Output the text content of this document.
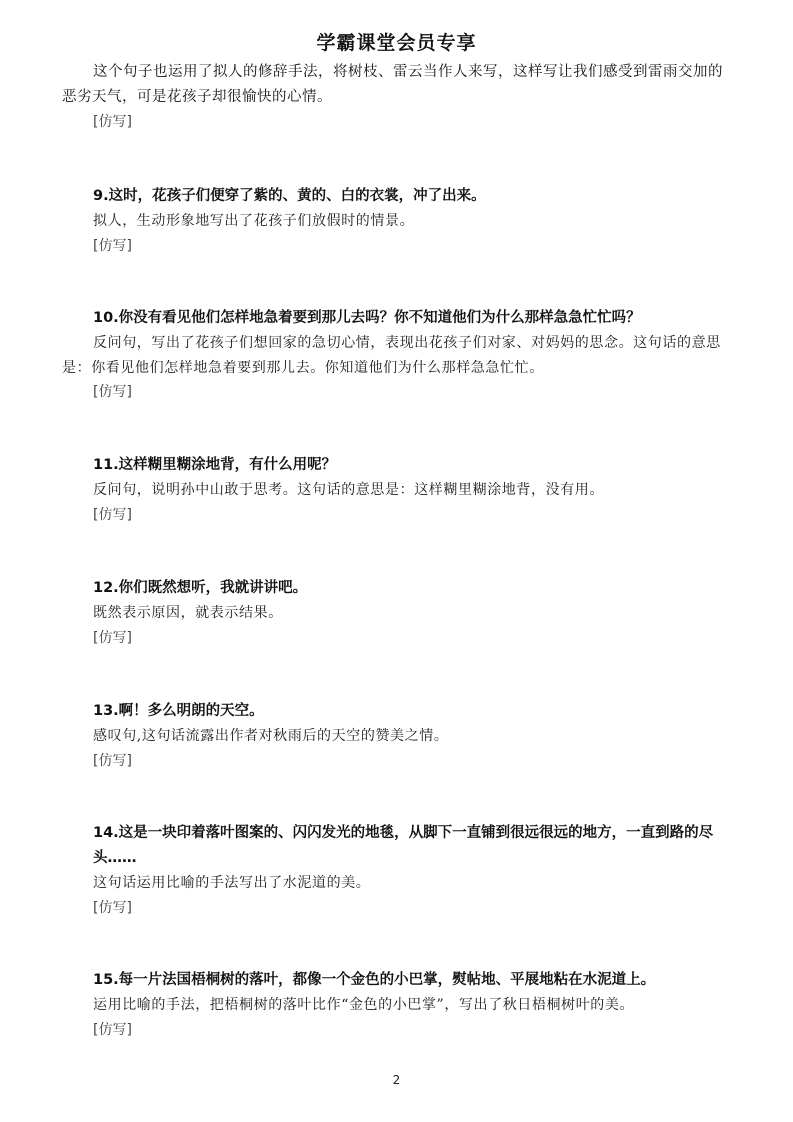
学霸课堂会员专享
这个句子也运用了拟人的修辞手法，将树枝、雷云当作人来写，这样写让我们感受到雷雨交加的恶劣天气，可是花孩子却很愉快的心情。
[仿写]
9.这时，花孩子们便穿了紫的、黄的、白的衣裳，冲了出来。
拟人，生动形象地写出了花孩子们放假时的情景。
[仿写]
10.你没有看见他们怎样地急着要到那儿去吗？你不知道他们为什么那样急急忙忙吗？
反问句，写出了花孩子们想回家的急切心情，表现出花孩子们对家、对妈妈的思念。这句话的意思是：你看见他们怎样地急着要到那儿去。你知道他们为什么那样急急忙忙。
[仿写]
11.这样糊里糊涂地背，有什么用呢？
反问句，说明孙中山敢于思考。这句话的意思是：这样糊里糊涂地背，没有用。
[仿写]
12.你们既然想听，我就讲讲吧。
既然表示原因，就表示结果。
[仿写]
13.啊！多么明朗的天空。
感叹句,这句话流露出作者对秋雨后的天空的赞美之情。
[仿写]
14.这是一块印着落叶图案的、闪闪发光的地毯，从脚下一直铺到很远很远的地方，一直到路的尽头……
这句话运用比喻的手法写出了水泥道的美。
[仿写]
15.每一片法国梧桐树的落叶，都像一个金色的小巴掌，熨帖地、平展地粘在水泥道上。
运用比喻的手法，把梧桐树的落叶比作“金色的小巴掌”，写出了秋日梧桐树叶的美。
[仿写]
2
